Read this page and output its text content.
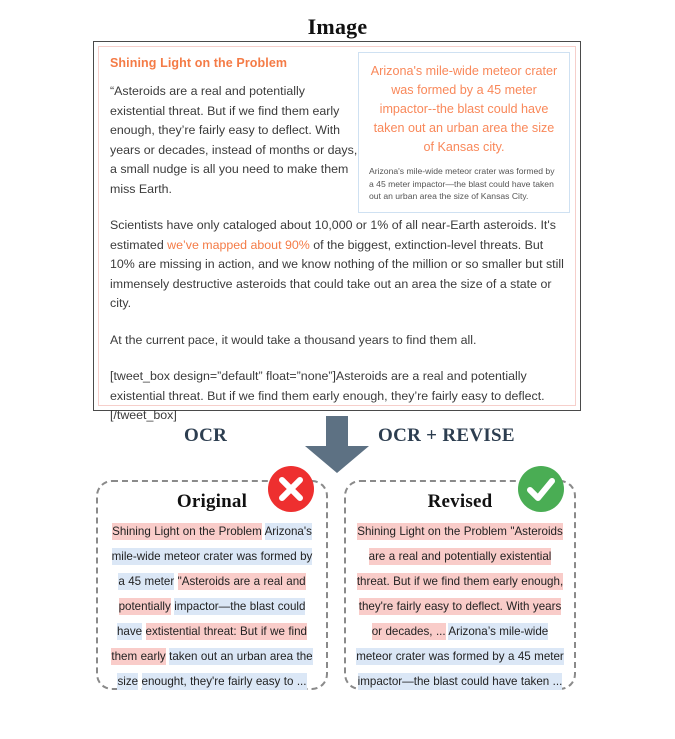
Image
Shining Light on the Problem

“Asteroids are a real and potentially existential threat. But if we find them early enough, they’re fairly easy to deflect. With years or decades, instead of months or days, a small nudge is all you need to make them miss Earth.

Arizona's mile-wide meteor crater was formed by a 45 meter impactor--the blast could have taken out an urban area the size of Kansas city.

Arizona's mile-wide meteor crater was formed by a 45 meter impactor—the blast could have taken out an urban area the size of Kansas City.

Scientists have only cataloged about 10,000 or 1% of all near-Earth asteroids. It's estimated we’ve mapped about 90% of the biggest, extinction-level threats. But 10% are missing in action, and we know nothing of the million or so smaller but still immensely destructive asteroids that could take out an area the size of a state or city.

At the current pace, it would take a thousand years to find them all.

[tweet_box design=”default” float=”none”]Asteroids are a real and potentially existential threat. But if we find them early enough, they’re fairly easy to deflect. [/tweet_box]

OCR	OCR + REVISE
Original
Shining Light on the Problem Arizona's mile-wide meteor crater was formed by a 45 meter "Asteroids are a real and potentially impactor—the blast could have extistential threat: But if we find them early taken out an urban area the size enought, they're fairly easy to ...
Revised
Shining Light on the Problem "Asteroids are a real and potentially existential threat. But if we find them early enough, they're fairly easy to deflect. With years or decades, ... Arizona’s mile-wide meteor crater was formed by a 45 meter impactor—the blast could have taken ...
